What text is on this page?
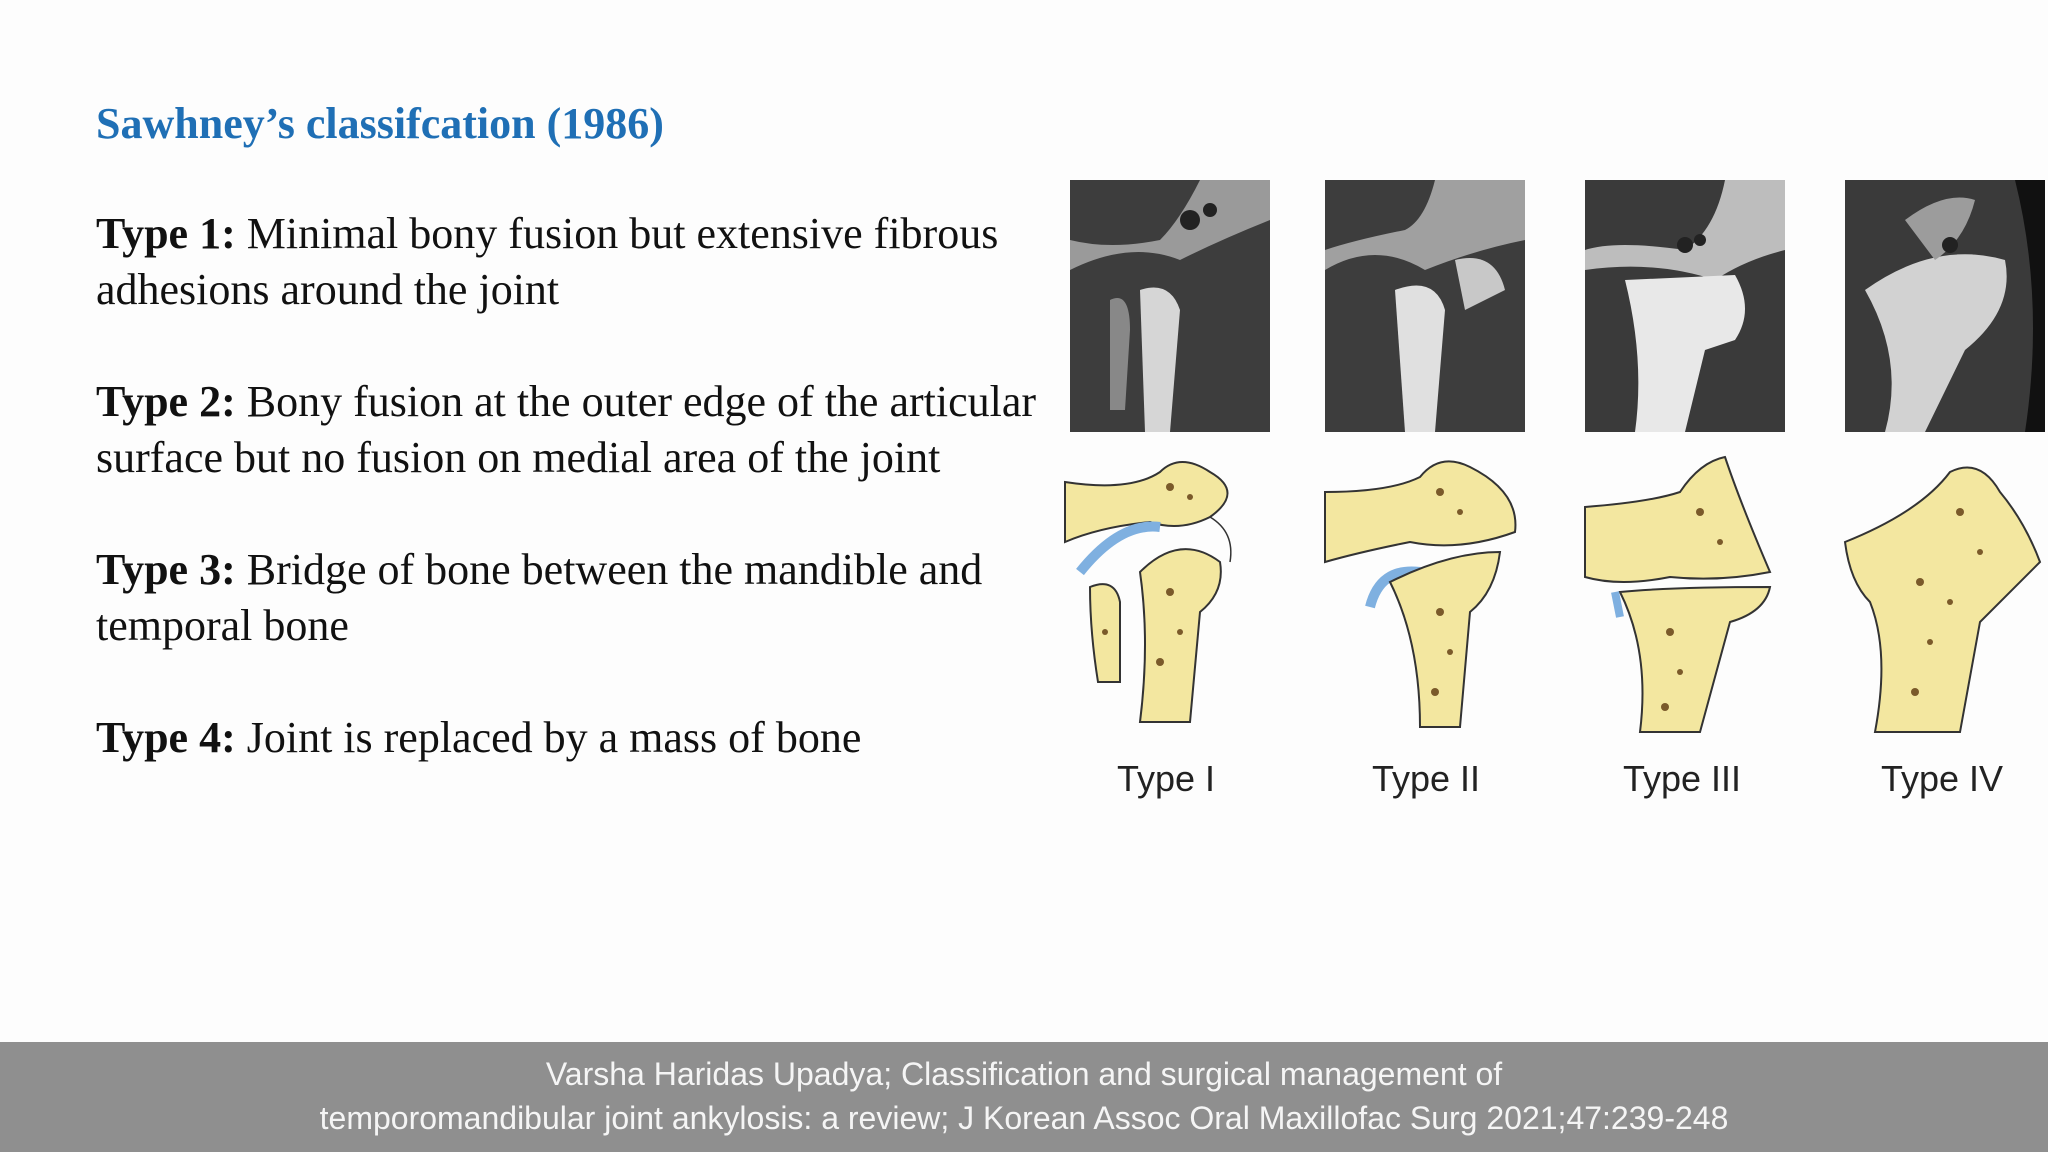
Sawhney’s classifcation (1986)
Type 1: Minimal bony fusion but extensive fibrous adhesions around the joint
Type 2: Bony fusion at the outer edge of the articular surface but no fusion on medial area of the joint
Type 3: Bridge of bone between the mandible and temporal bone
Type 4: Joint is replaced by a mass of bone
Type I	Type II	Type III	Type IV
Varsha Haridas Upadya; Classification and surgical management of
temporomandibular joint ankylosis: a review; J Korean Assoc Oral Maxillofac Surg 2021;47:239-248
